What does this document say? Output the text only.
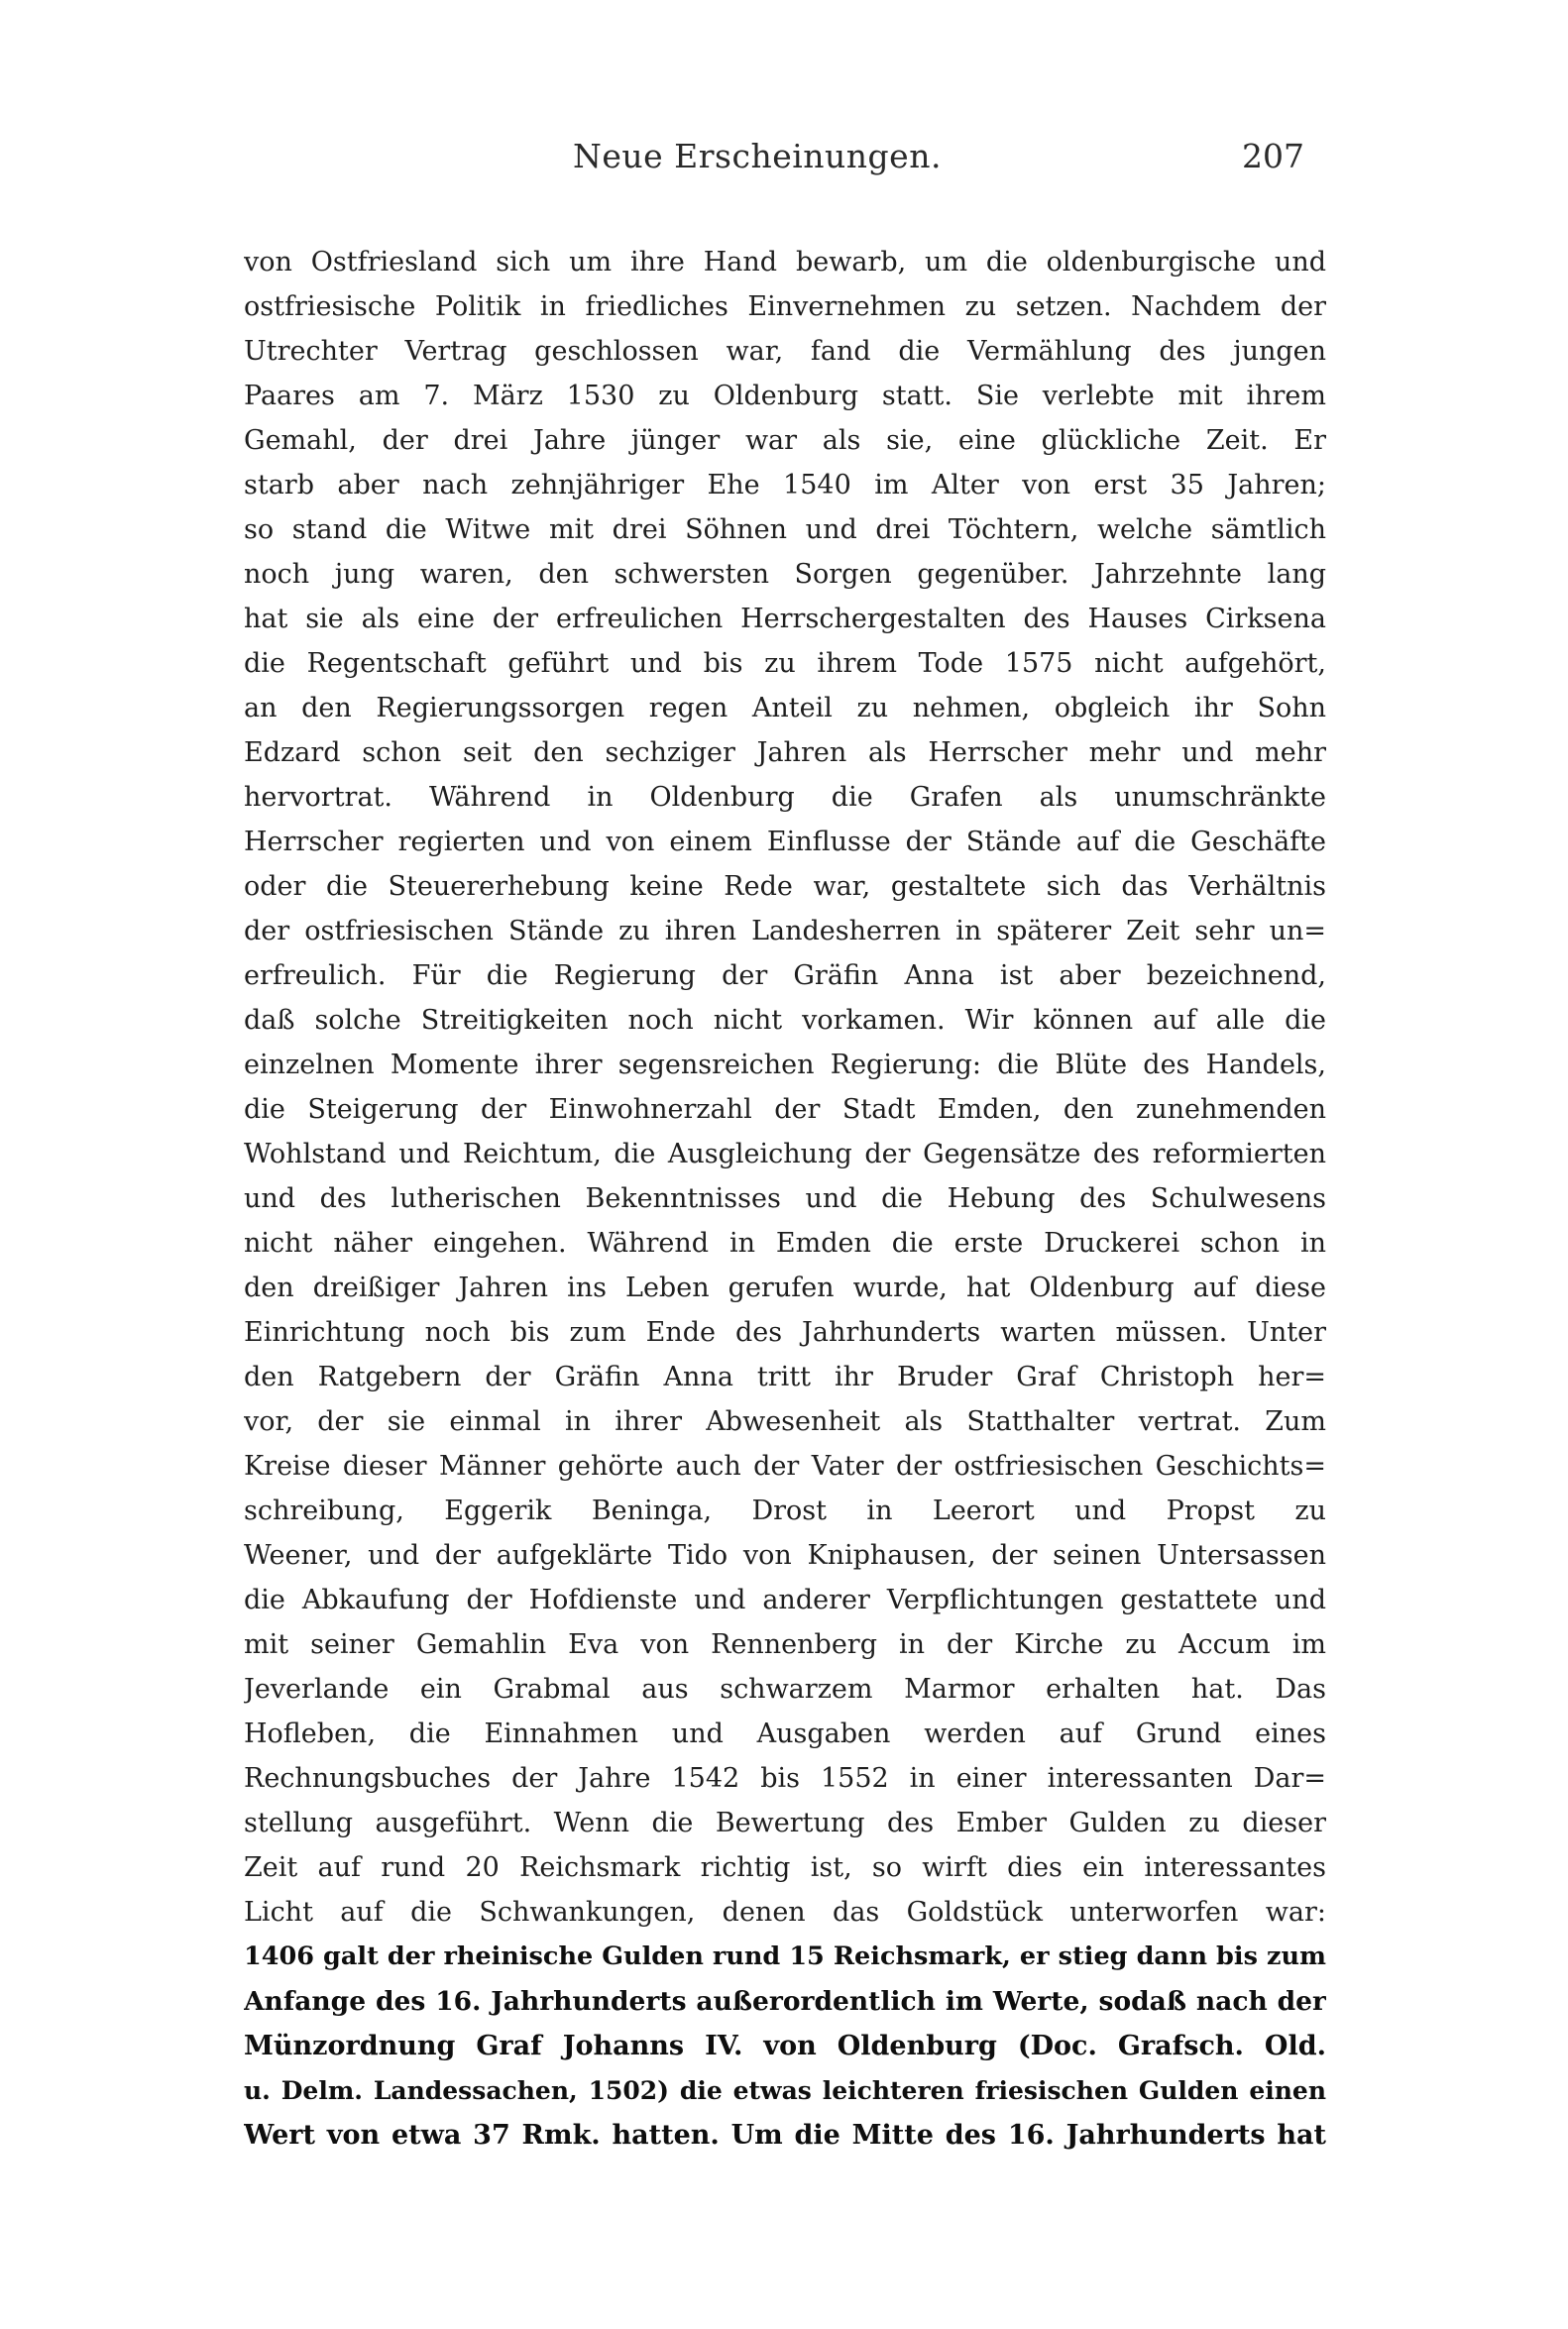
Neue Erscheinungen.	207
von Ostfriesland sich um ihre Hand bewarb, um die oldenburgische und
ostfriesische Politik in friedliches Einvernehmen zu setzen. Nachdem der
Utrechter Vertrag geschlossen war, fand die Vermählung des jungen
Paares am 7. März 1530 zu Oldenburg statt. Sie verlebte mit ihrem
Gemahl, der drei Jahre jünger war als sie, eine glückliche Zeit. Er
starb aber nach zehnjähriger Ehe 1540 im Alter von erst 35 Jahren;
so stand die Witwe mit drei Söhnen und drei Töchtern, welche sämtlich
noch jung waren, den schwersten Sorgen gegenüber. Jahrzehnte lang
hat sie als eine der erfreulichen Herrschergestalten des Hauses Cirksena
die Regentschaft geführt und bis zu ihrem Tode 1575 nicht aufgehört,
an den Regierungssorgen regen Anteil zu nehmen, obgleich ihr Sohn
Edzard schon seit den sechziger Jahren als Herrscher mehr und mehr
hervortrat. Während in Oldenburg die Grafen als unumschränkte
Herrscher regierten und von einem Einflusse der Stände auf die Geschäfte
oder die Steuererhebung keine Rede war, gestaltete sich das Verhältnis
der ostfriesischen Stände zu ihren Landesherren in späterer Zeit sehr un=
erfreulich. Für die Regierung der Gräfin Anna ist aber bezeichnend,
daß solche Streitigkeiten noch nicht vorkamen. Wir können auf alle die
einzelnen Momente ihrer segensreichen Regierung: die Blüte des Handels,
die Steigerung der Einwohnerzahl der Stadt Emden, den zunehmenden
Wohlstand und Reichtum, die Ausgleichung der Gegensätze des reformierten
und des lutherischen Bekenntnisses und die Hebung des Schulwesens
nicht näher eingehen. Während in Emden die erste Druckerei schon in
den dreißiger Jahren ins Leben gerufen wurde, hat Oldenburg auf diese
Einrichtung noch bis zum Ende des Jahrhunderts warten müssen. Unter
den Ratgebern der Gräfin Anna tritt ihr Bruder Graf Christoph her=
vor, der sie einmal in ihrer Abwesenheit als Statthalter vertrat. Zum
Kreise dieser Männer gehörte auch der Vater der ostfriesischen Geschichts=
schreibung, Eggerik Beninga, Drost in Leerort und Propst zu
Weener, und der aufgeklärte Tido von Kniphausen, der seinen Untersassen
die Abkaufung der Hofdienste und anderer Verpflichtungen gestattete und
mit seiner Gemahlin Eva von Rennenberg in der Kirche zu Accum im
Jeverlande ein Grabmal aus schwarzem Marmor erhalten hat. Das
Hofleben, die Einnahmen und Ausgaben werden auf Grund eines
Rechnungsbuches der Jahre 1542 bis 1552 in einer interessanten Dar=
stellung ausgeführt. Wenn die Bewertung des Ember Gulden zu dieser
Zeit auf rund 20 Reichsmark richtig ist, so wirft dies ein interessantes
Licht auf die Schwankungen, denen das Goldstück unterworfen war:
1406 galt der rheinische Gulden rund 15 Reichsmark, er stieg dann bis zum
Anfange des 16. Jahrhunderts außerordentlich im Werte, sodaß nach der
Münzordnung Graf Johanns IV. von Oldenburg (Doc. Grafsch. Old.
u. Delm. Landessachen, 1502) die etwas leichteren friesischen Gulden einen
Wert von etwa 37 Rmk. hatten. Um die Mitte des 16. Jahrhunderts hat
